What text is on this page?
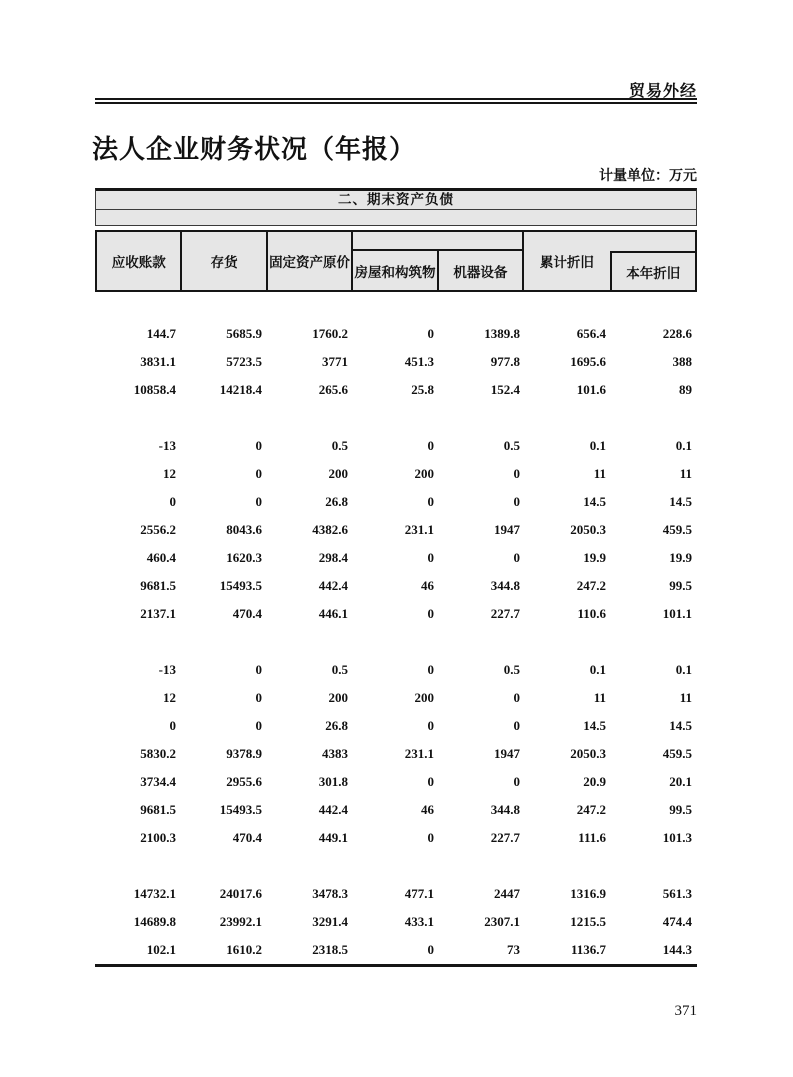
贸易外经
法人企业财务状况（年报）
计量单位：万元
二、期末资产负债
应收账款	存货	固定资产原价
房屋和构筑物	机器设备
累计折旧
本年折旧
144.7	5685.9	1760.2	0	1389.8	656.4	228.6
3831.1	5723.5	3771	451.3	977.8	1695.6	388
10858.4	14218.4	265.6	25.8	152.4	101.6	89
-13	0	0.5	0	0.5	0.1	0.1
12	0	200	200	0	11	11
0	0	26.8	0	0	14.5	14.5
2556.2	8043.6	4382.6	231.1	1947	2050.3	459.5
460.4	1620.3	298.4	0	0	19.9	19.9
9681.5	15493.5	442.4	46	344.8	247.2	99.5
2137.1	470.4	446.1	0	227.7	110.6	101.1
-13	0	0.5	0	0.5	0.1	0.1
12	0	200	200	0	11	11
0	0	26.8	0	0	14.5	14.5
5830.2	9378.9	4383	231.1	1947	2050.3	459.5
3734.4	2955.6	301.8	0	0	20.9	20.1
9681.5	15493.5	442.4	46	344.8	247.2	99.5
2100.3	470.4	449.1	0	227.7	111.6	101.3
14732.1	24017.6	3478.3	477.1	2447	1316.9	561.3
14689.8	23992.1	3291.4	433.1	2307.1	1215.5	474.4
102.1	1610.2	2318.5	0	73	1136.7	144.3
371
